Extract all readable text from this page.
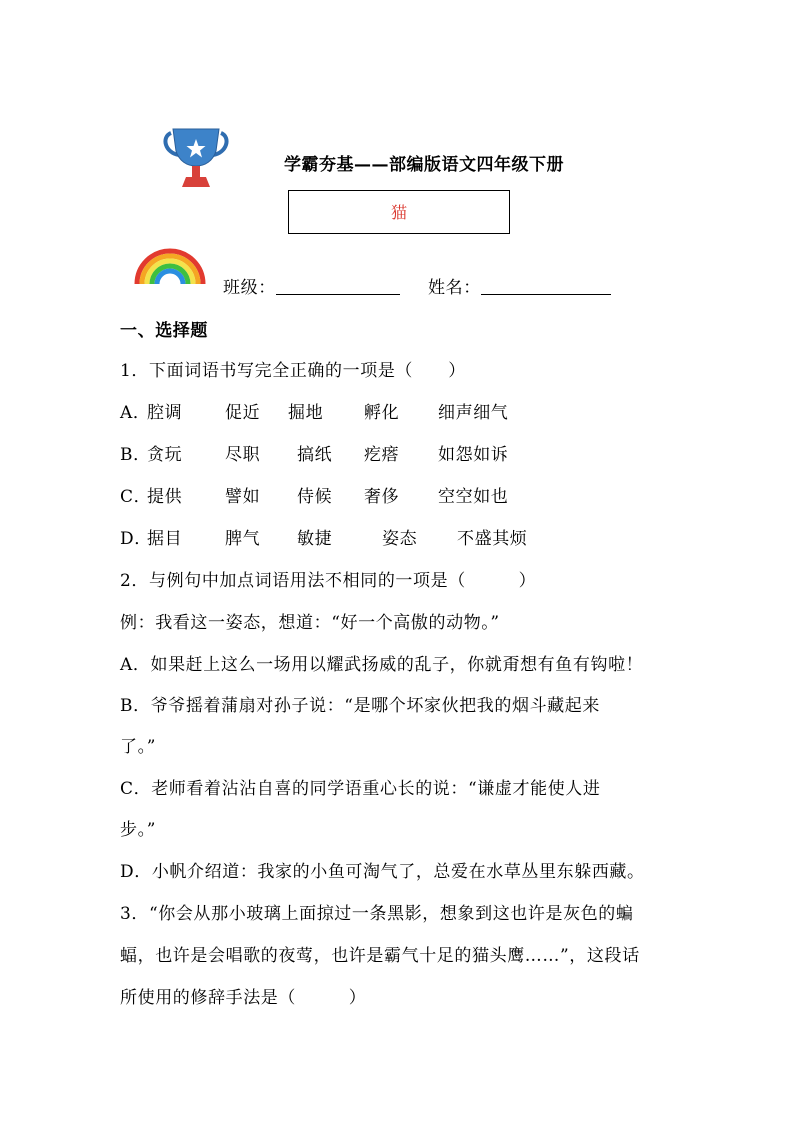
学霸夯基——部编版语文四年级下册
猫
班级：	姓名：
一、选择题
1．下面词语书写完全正确的一项是（　　）
A．
腔调	促近 掘地 孵化 细声细气
B．
贪玩	尽职 搞纸 疙瘩 如怨如诉
C．
提供	譬如 侍候 奢侈 空空如也
D．
据目	脾气 敏捷	姿态 不盛其烦
2．与例句中加点词语用法不相同的一项是（　　　）
例：我看这一姿态，想道：“好一个高傲的动物。”
A．如果赶上这么一场用以耀武扬威的乱子，你就甭想有鱼有钩啦！
B．爷爷摇着蒲扇对孙子说：“是哪个坏家伙把我的烟斗藏起来
了。”
C．老师看着沾沾自喜的同学语重心长的说：“谦虚才能使人进
步。”
D．小帆介绍道：我家的小鱼可淘气了，总爱在水草丛里东躲西藏。
3．“你会从那小玻璃上面掠过一条黑影，想象到这也许是灰色的蝙
蝠，也许是会唱歌的夜莺，也许是霸气十足的猫头鹰……”，这段话
所使用的修辞手法是（　　　）
